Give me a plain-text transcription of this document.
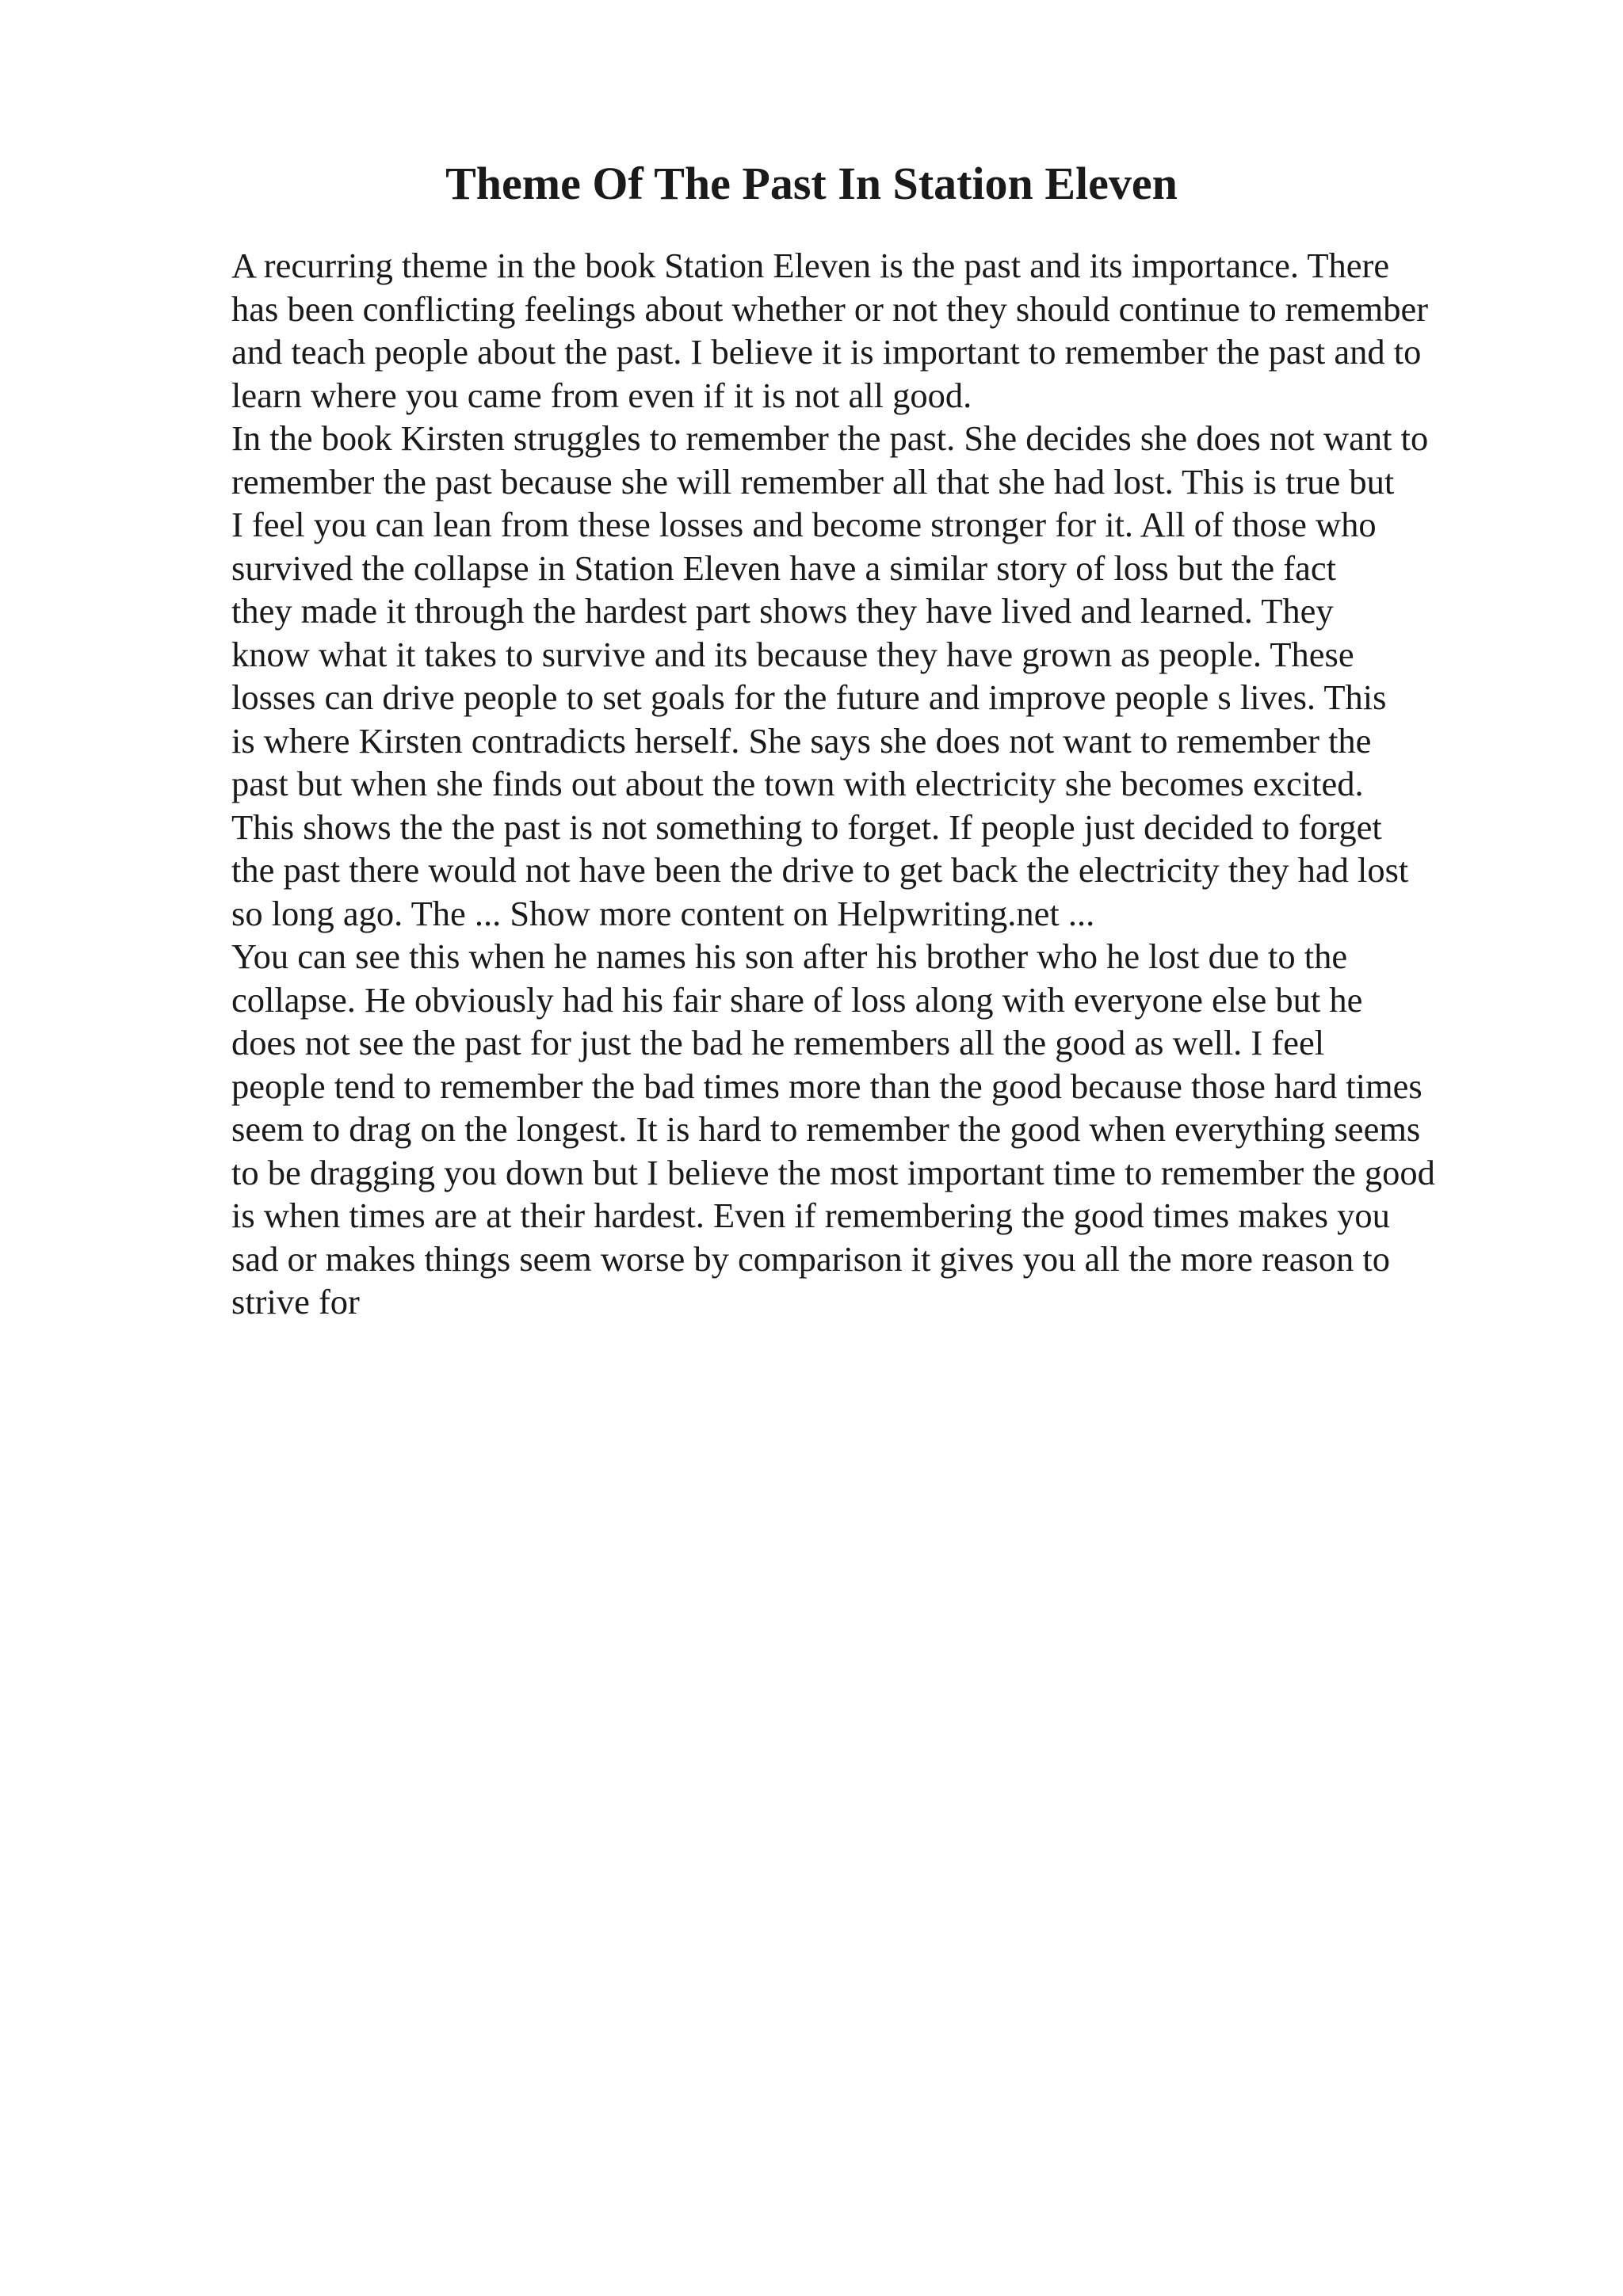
Theme Of The Past In Station Eleven
A recurring theme in the book Station Eleven is the past and its importance. There
has been conflicting feelings about whether or not they should continue to remember
and teach people about the past. I believe it is important to remember the past and to
learn where you came from even if it is not all good.
In the book Kirsten struggles to remember the past. She decides she does not want to
remember the past because she will remember all that she had lost. This is true but
I feel you can lean from these losses and become stronger for it. All of those who
survived the collapse in Station Eleven have a similar story of loss but the fact
they made it through the hardest part shows they have lived and learned. They
know what it takes to survive and its because they have grown as people. These
losses can drive people to set goals for the future and improve people s lives. This
is where Kirsten contradicts herself. She says she does not want to remember the
past but when she finds out about the town with electricity she becomes excited.
This shows the the past is not something to forget. If people just decided to forget
the past there would not have been the drive to get back the electricity they had lost
so long ago. The ... Show more content on Helpwriting.net ...
You can see this when he names his son after his brother who he lost due to the
collapse. He obviously had his fair share of loss along with everyone else but he
does not see the past for just the bad he remembers all the good as well. I feel
people tend to remember the bad times more than the good because those hard times
seem to drag on the longest. It is hard to remember the good when everything seems
to be dragging you down but I believe the most important time to remember the good
is when times are at their hardest. Even if remembering the good times makes you
sad or makes things seem worse by comparison it gives you all the more reason to
strive for
